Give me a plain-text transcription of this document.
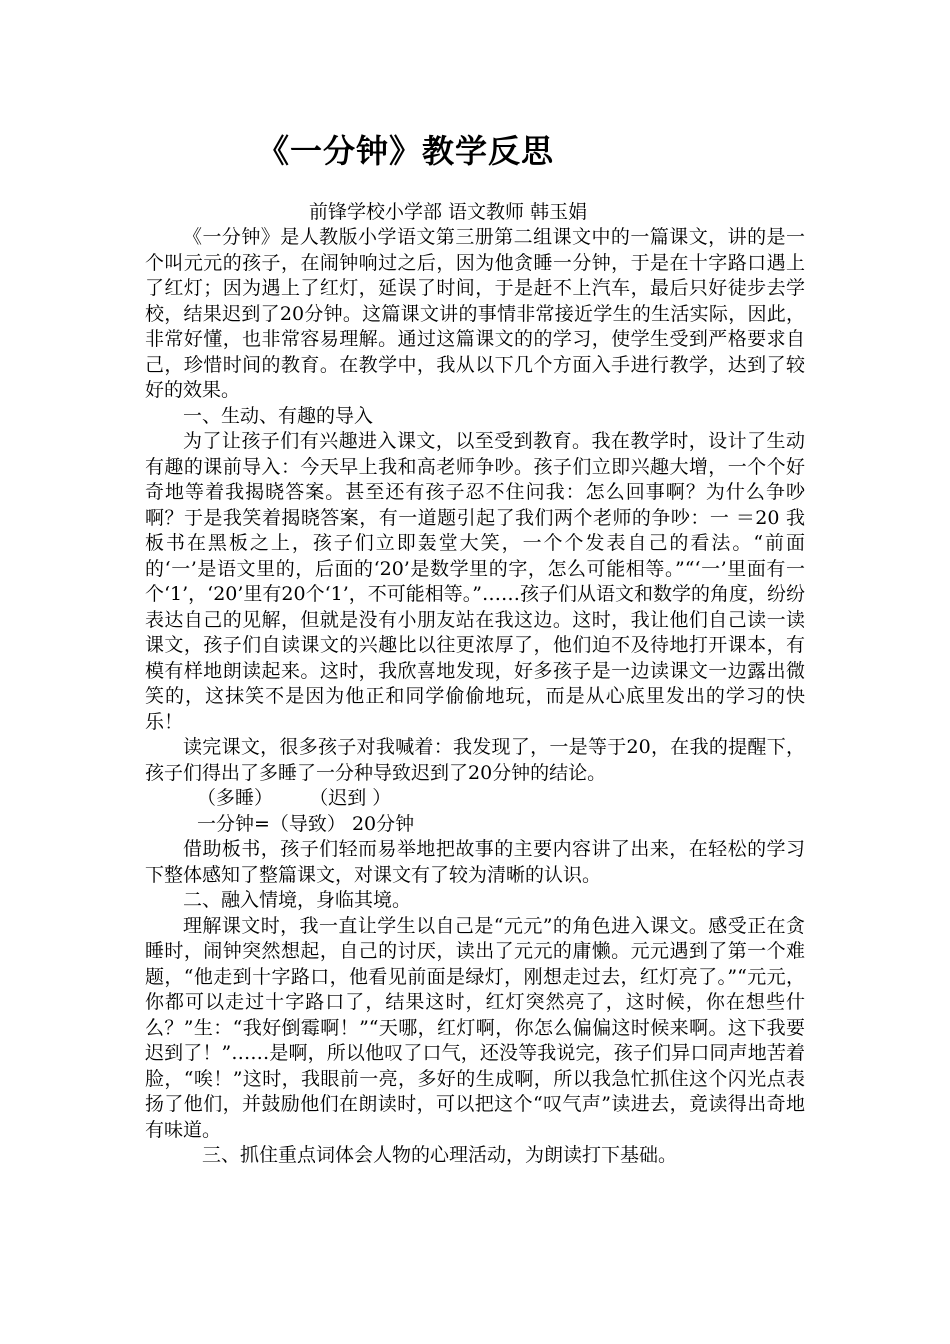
《一分钟》教学反思
前锋学校小学部 语文教师 韩玉娟

《一分钟》是人教版小学语文第三册第二组课文中的一篇课文，讲的是一个叫元元的孩子，在闹钟响过之后，因为他贪睡一分钟，于是在十字路口遇上了红灯；因为遇上了红灯，延误了时间，于是赶不上汽车，最后只好徒步去学校，结果迟到了20分钟。这篇课文讲的事情非常接近学生的生活实际，因此，非常好懂，也非常容易理解。通过这篇课文的的学习，使学生受到严格要求自己，珍惜时间的教育。在教学中，我从以下几个方面入手进行教学，达到了较好的效果。

一、生动、有趣的导入

为了让孩子们有兴趣进入课文，以至受到教育。我在教学时，设计了生动有趣的课前导入：今天早上我和高老师争吵。孩子们立即兴趣大增，一个个好奇地等着我揭晓答案。甚至还有孩子忍不住问我：怎么回事啊？为什么争吵啊？于是我笑着揭晓答案，有一道题引起了我们两个老师的争吵：一 ＝20 我板书在黑板之上，孩子们立即轰堂大笑，一个个发表自己的看法。“前面的‘一’是语文里的，后面的‘20’是数学里的字，怎么可能相等。”“‘一’里面有一个‘1’，‘20’里有20个‘1’，不可能相等。”……孩子们从语文和数学的角度，纷纷表达自己的见解，但就是没有小朋友站在我这边。这时，我让他们自己读一读课文，孩子们自读课文的兴趣比以往更浓厚了，他们迫不及待地打开课本，有模有样地朗读起来。这时，我欣喜地发现，好多孩子是一边读课文一边露出微笑的，这抹笑不是因为他正和同学偷偷地玩，而是从心底里发出的学习的快乐！

读完课文，很多孩子对我喊着：我发现了，一是等于20，在我的提醒下，孩子们得出了多睡了一分种导致迟到了20分钟的结论。

（多睡）      （迟到 ）
一分钟=（导致） 20分钟

借助板书，孩子们轻而易举地把故事的主要内容讲了出来，在轻松的学习下整体感知了整篇课文，对课文有了较为清晰的认识。

二、融入情境，身临其境。

理解课文时，我一直让学生以自己是“元元”的角色进入课文。感受正在贪睡时，闹钟突然想起，自己的讨厌，读出了元元的庸懒。元元遇到了第一个难题，“他走到十字路口，他看见前面是绿灯，刚想走过去，红灯亮了。”“元元，你都可以走过十字路口了，结果这时，红灯突然亮了，这时候，你在想些什么？”生：“我好倒霉啊！”“天哪，红灯啊，你怎么偏偏这时候来啊。这下我要迟到了！”……是啊，所以他叹了口气，还没等我说完，孩子们异口同声地苦着脸，“唉！”这时，我眼前一亮，多好的生成啊，所以我急忙抓住这个闪光点表扬了他们，并鼓励他们在朗读时，可以把这个“叹气声”读进去，竟读得出奇地有味道。

三、抓住重点词体会人物的心理活动，为朗读打下基础。
